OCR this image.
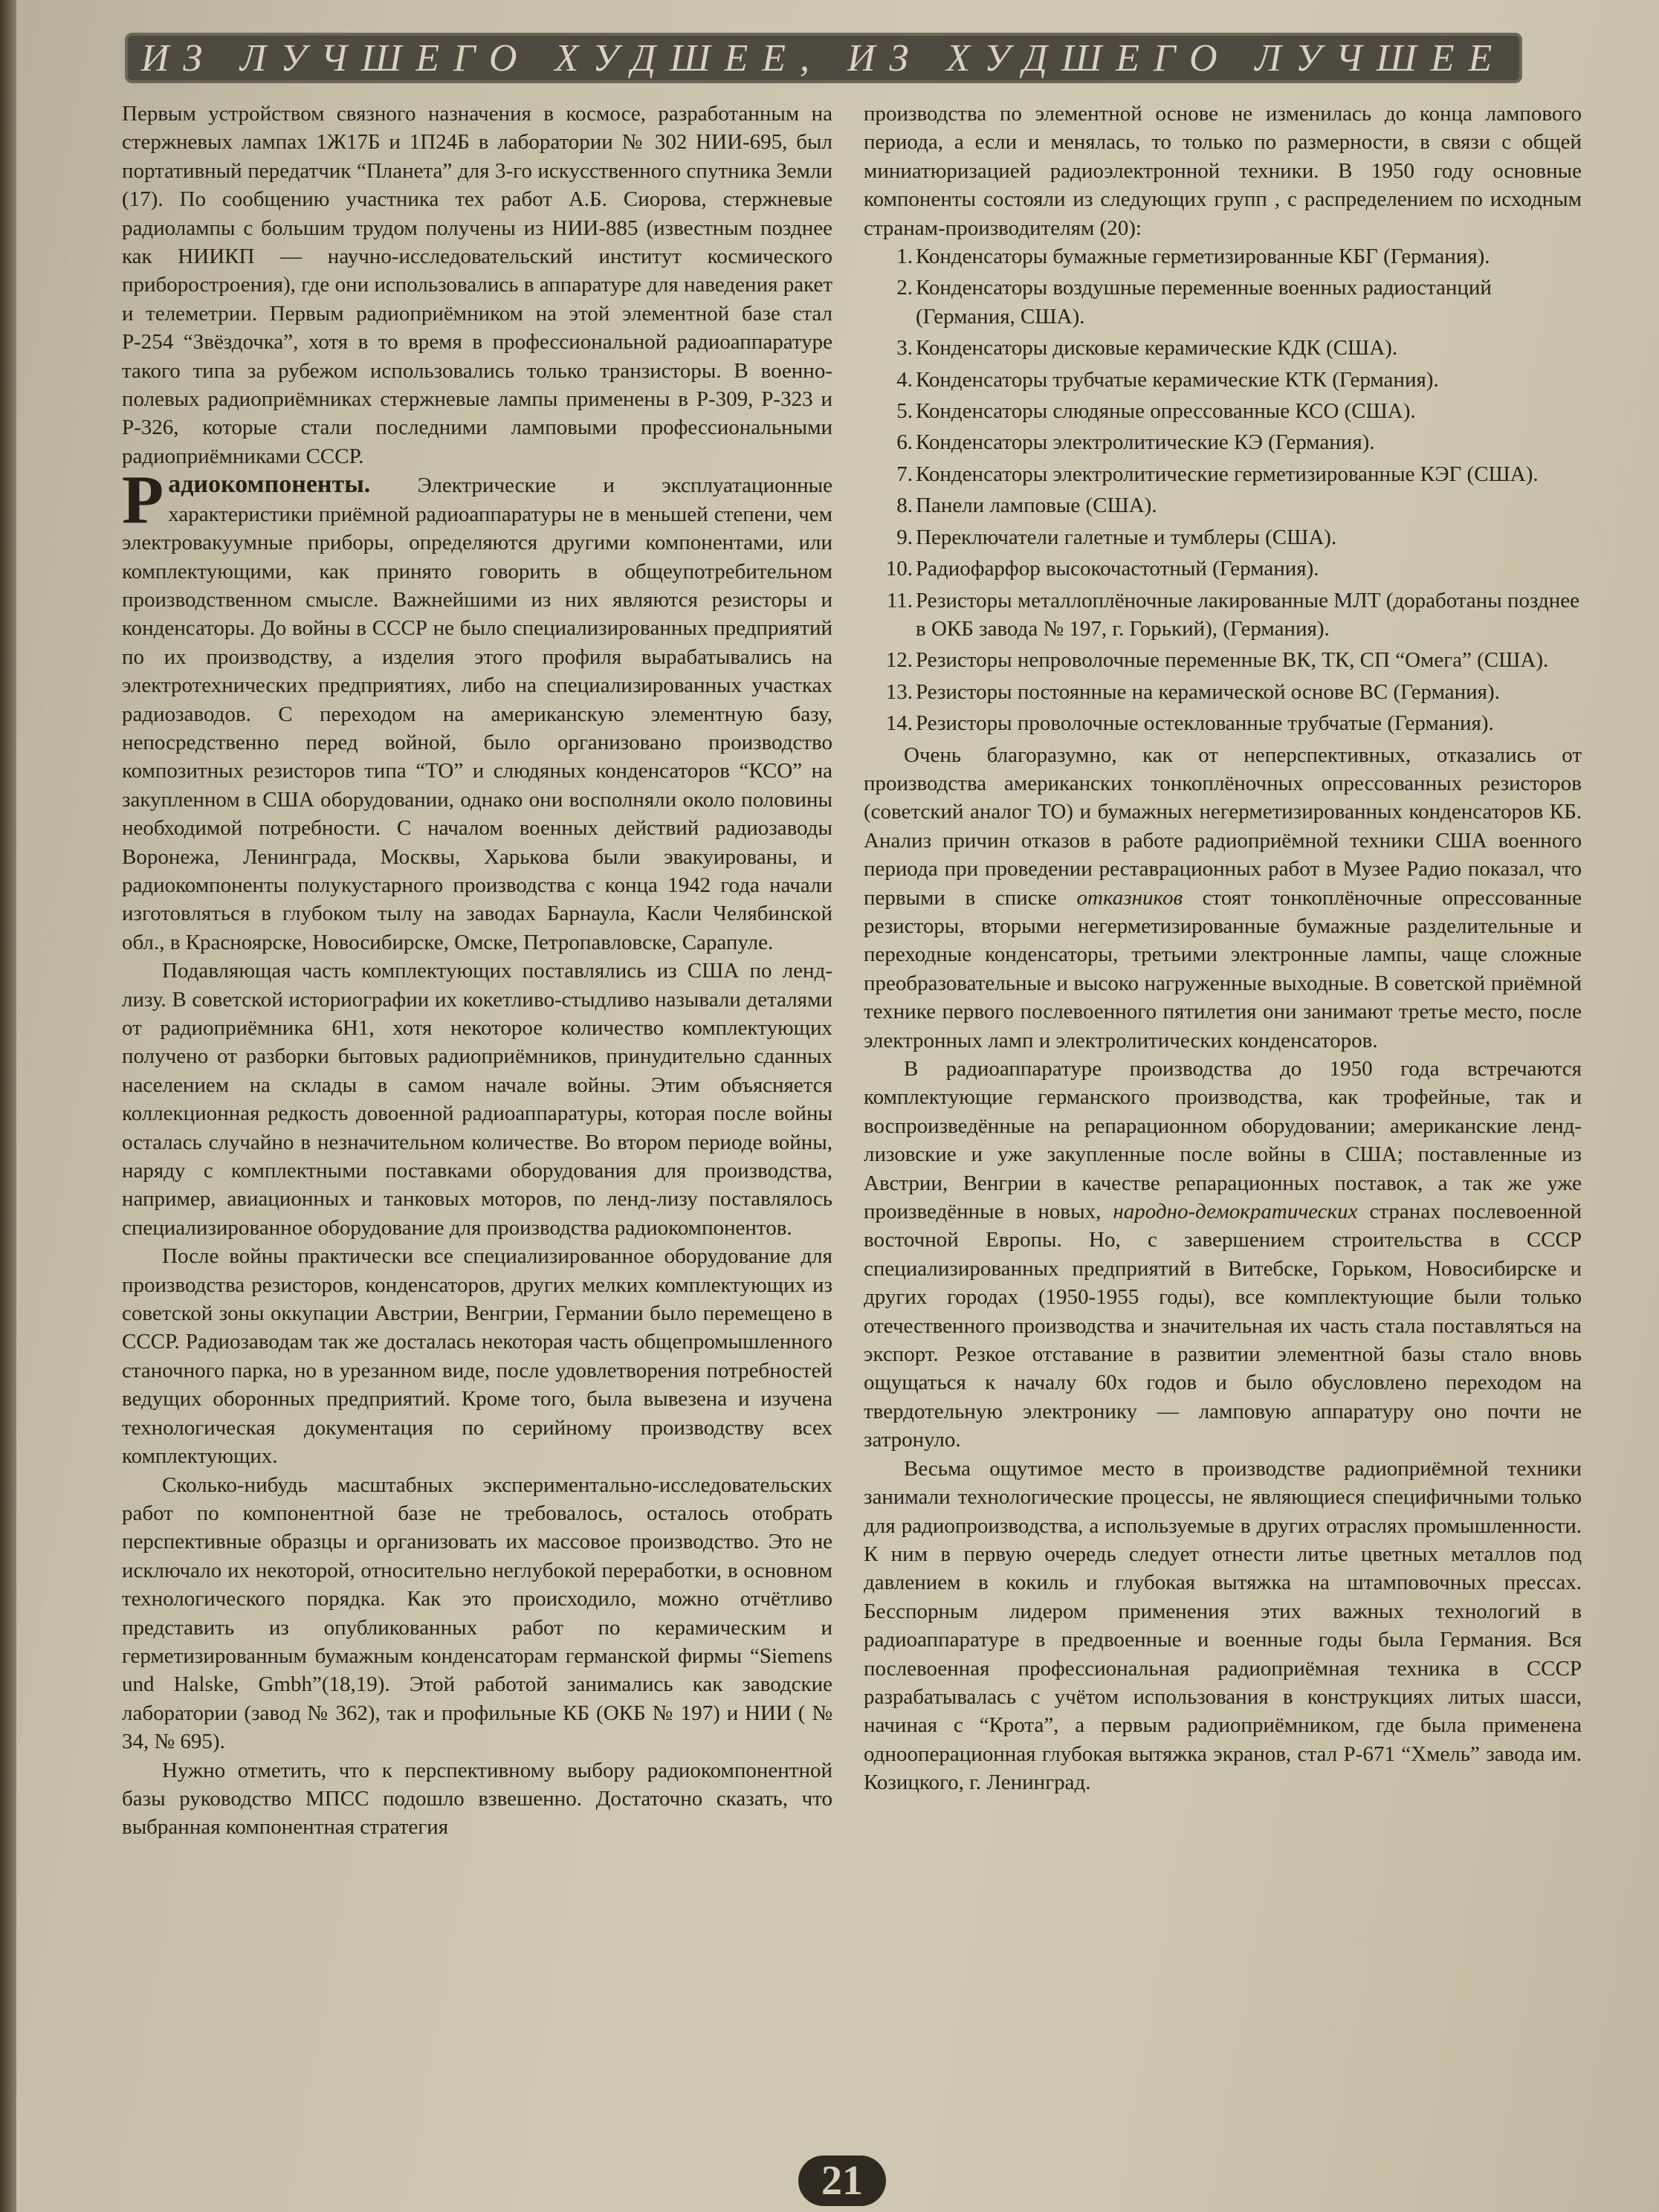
ИЗ ЛУЧШЕГО ХУДШЕЕ, ИЗ ХУДШЕГО ЛУЧШЕЕ

Первым устройством связного назначения в космосе, разработанным на стержневых лампах 1Ж17Б и 1П24Б в лаборатории № 302 НИИ-695, был портативный передатчик “Планета” для 3-го искусственного спутника Земли (17). По сообщению участника тех работ А.Б. Сиорова, стержневые радиолампы с большим трудом получены из НИИ-885 (известным позднее как НИИКП — научно-исследовательский институт космического приборостроения), где они использовались в аппаратуре для наведения ракет и телеметрии. Первым радиоприёмником на этой элементной базе стал Р-254 “Звёздочка”, хотя в то время в профессиональной радиоаппаратуре такого типа за рубежом использовались только транзисторы. В военно-полевых радиоприёмниках стержневые лампы применены в Р-309, Р-323 и Р-326, которые стали последними ламповыми профессиональными радиоприёмниками СССР.

Радиокомпоненты. Электрические и эксплуатационные характеристики приёмной радиоаппаратуры не в меньшей степени, чем электровакуумные приборы, определяются другими компонентами, или комплектующими, как принято говорить в общеупотребительном производственном смысле. Важнейшими из них являются резисторы и конденсаторы. До войны в СССР не было специализированных предприятий по их производству, а изделия этого профиля вырабатывались на электротехнических предприятиях, либо на специализированных участках радиозаводов. С переходом на американскую элементную базу, непосредственно перед войной, было организовано производство композитных резисторов типа “ТО” и слюдяных конденсаторов “КСО” на закупленном в США оборудовании, однако они восполняли около половины необходимой потребности. С началом военных действий радиозаводы Воронежа, Ленинграда, Москвы, Харькова были эвакуированы, и радиокомпоненты полукустарного производства с конца 1942 года начали изготовляться в глубоком тылу на заводах Барнаула, Касли Челябинской обл., в Красноярске, Новосибирске, Омске, Петропавловске, Сарапуле.

Подавляющая часть комплектующих поставлялись из США по ленд-лизу. В советской историографии их кокетливо-стыдливо называли деталями от радиоприёмника 6Н1, хотя некоторое количество комплектующих получено от разборки бытовых радиоприёмников, принудительно сданных населением на склады в самом начале войны. Этим объясняется коллекционная редкость довоенной радиоаппаратуры, которая после войны осталась случайно в незначительном количестве. Во втором периоде войны, наряду с комплектными поставками оборудования для производства, например, авиационных и танковых моторов, по ленд-лизу поставлялось специализированное оборудование для производства радиокомпонентов.

После войны практически все специализированное оборудование для производства резисторов, конденсаторов, других мелких комплектующих из советской зоны оккупации Австрии, Венгрии, Германии было перемещено в СССР. Радиозаводам так же досталась некоторая часть общепромышленного станочного парка, но в урезанном виде, после удовлетворения потребностей ведущих оборонных предприятий. Кроме того, была вывезена и изучена технологическая документация по серийному производству всех комплектующих.

Сколько-нибудь масштабных экспериментально-исследовательских работ по компонентной базе не требовалось, осталось отобрать перспективные образцы и организовать их массовое производство. Это не исключало их некоторой, относительно неглубокой переработки, в основном технологического порядка. Как это происходило, можно отчётливо представить из опубликованных работ по керамическим и герметизированным бумажным конденсаторам германской фирмы “Siemens und Halske, Gmbh”(18,19). Этой работой занимались как заводские лаборатории (завод № 362), так и профильные КБ (ОКБ № 197) и НИИ ( № 34, № 695).

Нужно отметить, что к перспективному выбору радиокомпонентной базы руководство МПСС подошло взвешенно. Достаточно сказать, что выбранная компонентная стратегия

производства по элементной основе не изменилась до конца лампового периода, а если и менялась, то только по размерности, в связи с общей миниатюризацией радиоэлектронной техники. В 1950 году основные компоненты состояли из следующих групп , с распределением по исходным странам-производителям (20):

1. Конденсаторы бумажные герметизированные КБГ (Германия).
2. Конденсаторы воздушные переменные военных радиостанций (Германия, США).
3. Конденсаторы дисковые керамические КДК (США).
4. Конденсаторы трубчатые керамические КТК (Германия).
5. Конденсаторы слюдяные опрессованные КСО (США).
6. Конденсаторы электролитические КЭ (Германия).
7. Конденсаторы электролитические герметизированные КЭГ (США).
8. Панели ламповые (США).
9. Переключатели галетные и тумблеры (США).
10. Радиофарфор высокочастотный (Германия).
11. Резисторы металлоплёночные лакированные МЛТ (доработаны позднее в ОКБ завода № 197, г. Горький), (Германия).
12. Резисторы непроволочные переменные ВК, ТК, СП “Омега” (США).
13. Резисторы постоянные на керамической основе ВС (Германия).
14. Резисторы проволочные остеклованные трубчатые (Германия).

Очень благоразумно, как от неперспективных, отказались от производства американских тонкоплёночных опрессованных резисторов (советский аналог ТО) и бумажных негерметизированных конденсаторов КБ. Анализ причин отказов в работе радиоприёмной техники США военного периода при проведении реставрационных работ в Музее Радио показал, что первыми в списке отказников стоят тонкоплёночные опрессованные резисторы, вторыми негерметизированные бумажные разделительные и переходные конденсаторы, третьими электронные лампы, чаще сложные преобразовательные и высоко нагруженные выходные. В советской приёмной технике первого послевоенного пятилетия они занимают третье место, после электронных ламп и электролитических конденсаторов.

В радиоаппаратуре производства до 1950 года встречаются комплектующие германского производства, как трофейные, так и воспроизведённые на репарационном оборудовании; американские ленд-лизовские и уже закупленные после войны в США; поставленные из Австрии, Венгрии в качестве репарационных поставок, а так же уже произведённые в новых, народно-демократических странах послевоенной восточной Европы. Но, с завершением строительства в СССР специализированных предприятий в Витебске, Горьком, Новосибирске и других городах (1950-1955 годы), все комплектующие были только отечественного производства и значительная их часть стала поставляться на экспорт. Резкое отставание в развитии элементной базы стало вновь ощущаться к началу 60х годов и было обусловлено переходом на твердотельную электронику — ламповую аппаратуру оно почти не затронуло.

Весьма ощутимое место в производстве радиоприёмной техники занимали технологические процессы, не являющиеся специфичными только для радиопроизводства, а используемые в других отраслях промышленности. К ним в первую очередь следует отнести литье цветных металлов под давлением в кокиль и глубокая вытяжка на штамповочных прессах. Бесспорным лидером применения этих важных технологий в радиоаппаратуре в предвоенные и военные годы была Германия. Вся послевоенная профессиональная радиоприёмная техника в СССР разрабатывалась с учётом использования в конструкциях литых шасси, начиная с “Крота”, а первым радиоприёмником, где была применена однооперационная глубокая вытяжка экранов, стал Р-671 “Хмель” завода им. Козицкого, г. Ленинград.

21
